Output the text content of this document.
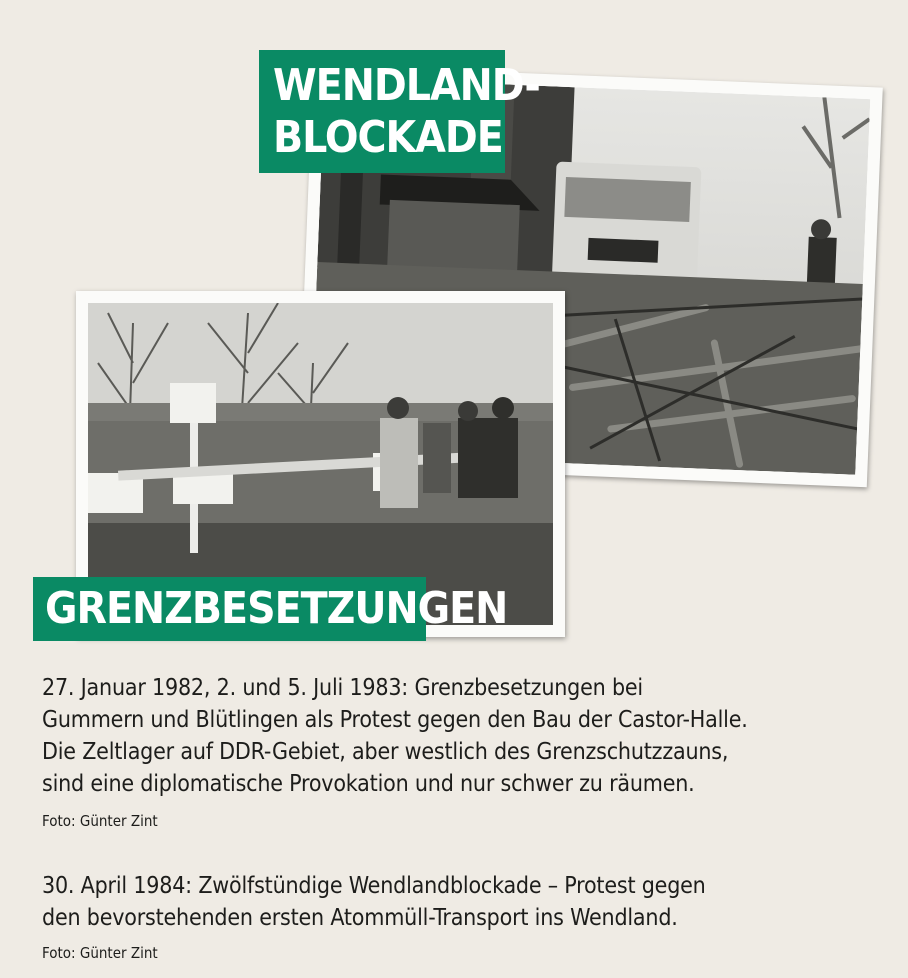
WENDLAND-
BLOCKADE
GRENZBESETZUNGEN
27. Januar 1982, 2. und 5. Juli 1983: Grenzbesetzungen bei
Gummern und Blütlingen als Protest gegen den Bau der Castor-Halle.
Die Zeltlager auf DDR-Gebiet, aber westlich des Grenzschutzzauns,
sind eine diplomatische Provokation und nur schwer zu räumen.
Foto: Günter Zint
30. April 1984: Zwölfstündige Wendlandblockade – Protest gegen
den bevorstehenden ersten Atommüll-Transport ins Wendland.
Foto: Günter Zint
